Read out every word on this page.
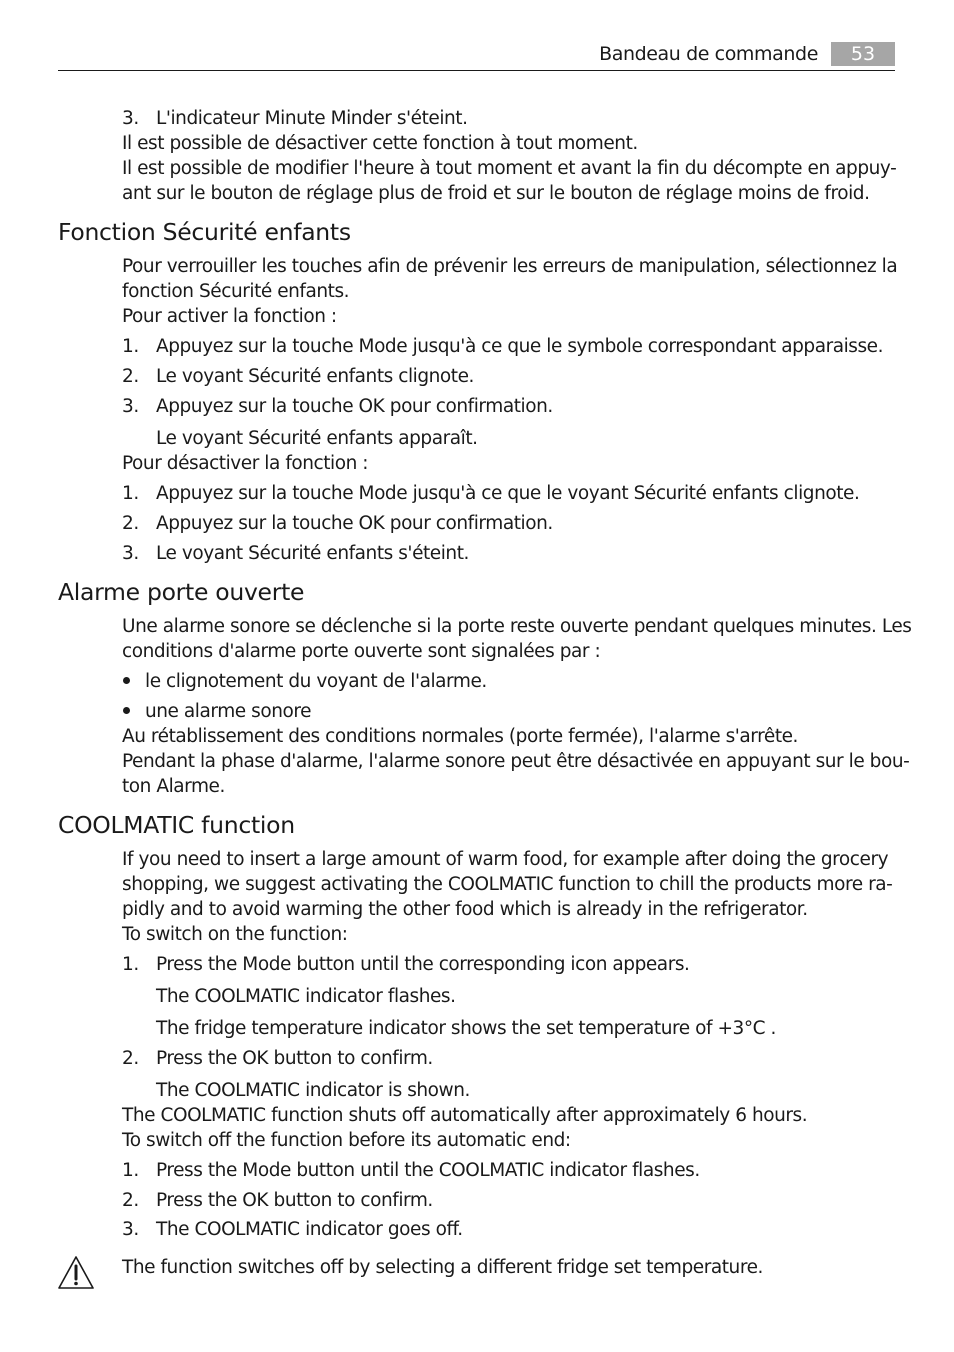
Bandeau de commande	53
3. L'indicateur Minute Minder s'éteint.
Il est possible de désactiver cette fonction à tout moment.
Il est possible de modifier l'heure à tout moment et avant la fin du décompte en appuy-
ant sur le bouton de réglage plus de froid et sur le bouton de réglage moins de froid.
Fonction Sécurité enfants
Pour verrouiller les touches afin de prévenir les erreurs de manipulation, sélectionnez la
fonction Sécurité enfants.
Pour activer la fonction :
1. Appuyez sur la touche Mode jusqu'à ce que le symbole correspondant apparaisse.
2. Le voyant Sécurité enfants clignote.
3. Appuyez sur la touche OK pour confirmation.
Le voyant Sécurité enfants apparaît.
Pour désactiver la fonction :
1. Appuyez sur la touche Mode jusqu'à ce que le voyant Sécurité enfants clignote.
2. Appuyez sur la touche OK pour confirmation.
3. Le voyant Sécurité enfants s'éteint.
Alarme porte ouverte
Une alarme sonore se déclenche si la porte reste ouverte pendant quelques minutes. Les
conditions d'alarme porte ouverte sont signalées par :
le clignotement du voyant de l'alarme.
une alarme sonore
Au rétablissement des conditions normales (porte fermée), l'alarme s'arrête.
Pendant la phase d'alarme, l'alarme sonore peut être désactivée en appuyant sur le bou-
ton Alarme.
COOLMATIC function
If you need to insert a large amount of warm food, for example after doing the grocery
shopping, we suggest activating the COOLMATIC function to chill the products more ra-
pidly and to avoid warming the other food which is already in the refrigerator.
To switch on the function:
1. Press the Mode button until the corresponding icon appears.
The COOLMATIC indicator flashes.
The fridge temperature indicator shows the set temperature of +3°C .
2. Press the OK button to confirm.
The COOLMATIC indicator is shown.
The COOLMATIC function shuts off automatically after approximately 6 hours.
To switch off the function before its automatic end:
1. Press the Mode button until the COOLMATIC indicator flashes.
2. Press the OK button to confirm.
3. The COOLMATIC indicator goes off.
The function switches off by selecting a different fridge set temperature.
